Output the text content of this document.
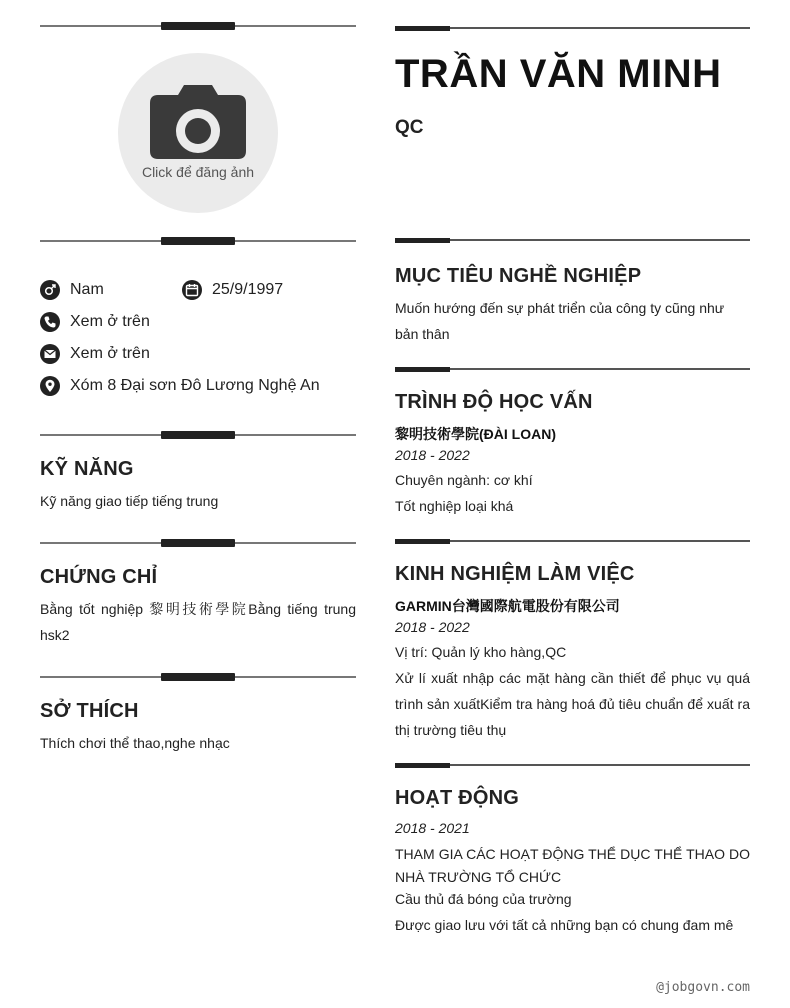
Click để đăng ảnh
Nam	25/9/1997
Xem ở trên
Xem ở trên
Xóm 8 Đại sơn Đô Lương Nghệ An
KỸ NĂNG
Kỹ năng giao tiếp tiếng trung
CHỨNG CHỈ
Bằng tốt nghiệp 黎明技術學院Bằng tiếng trung hsk2
SỞ THÍCH
Thích chơi thể thao,nghe nhạc
TRẦN VĂN MINH
QC
MỤC TIÊU NGHỀ NGHIỆP
Muốn hướng đến sự phát triển của công ty cũng như bản thân
TRÌNH ĐỘ HỌC VẤN
黎明技術學院(ĐÀI LOAN)
2018 - 2022
Chuyên ngành: cơ khí
Tốt nghiệp loại khá
KINH NGHIỆM LÀM VIỆC
GARMIN台灣國際航電股份有限公司
2018 - 2022
Vị trí: Quản lý kho hàng,QC
Xử lí xuất nhập các mặt hàng cần thiết để phục vụ quá trình sản xuấtKiểm tra hàng hoá đủ tiêu chuẩn để xuất ra thị trường tiêu thụ
HOẠT ĐỘNG
2018 - 2021
THAM GIA CÁC HOẠT ĐỘNG THỂ DỤC THỂ THAO DO NHÀ TRƯỜNG TỔ CHỨC
Cầu thủ đá bóng của trường
Được giao lưu với tất cả những bạn có chung đam mê
@jobgovn.com
